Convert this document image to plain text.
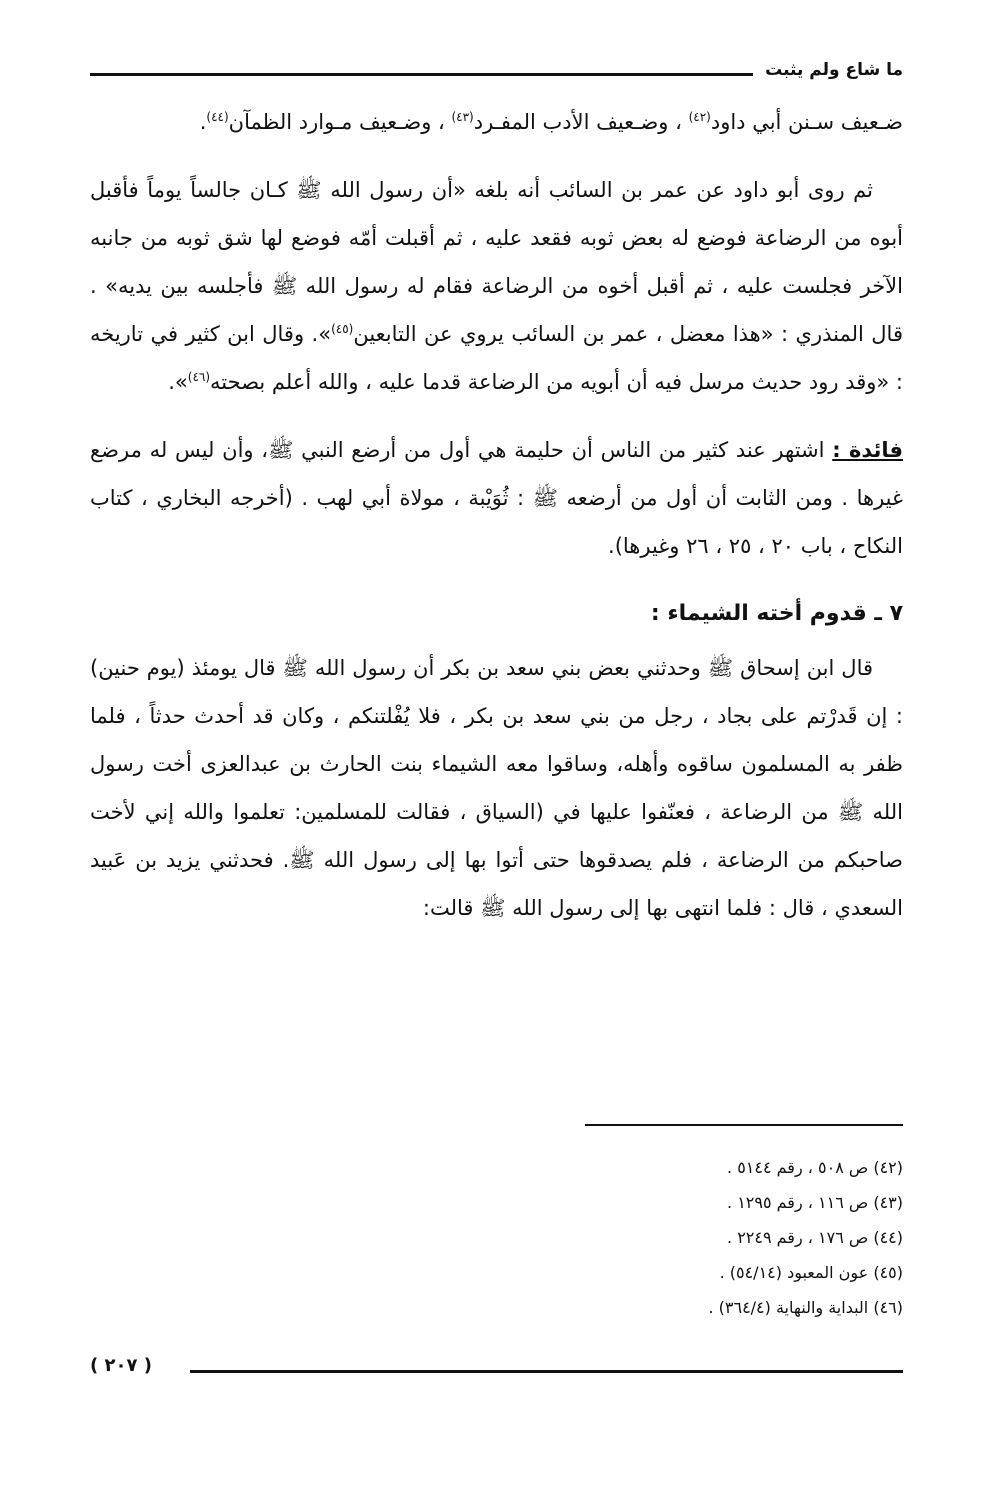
ما شاع ولم يثبت

ضـعيف سـنن أبي داود$^{(٤٢)}$ ، وضـعيف الأدب المفـرد$^{(٤٣)}$ ، وضـعيف مـوارد الظمآن$^{(٤٤)}$.

ثم روى أبو داود عن عمر بن السائب أنه بلغه «أن رسول الله ﷺ كـان جالساً يوماً فأقبل أبوه من الرضاعة فوضع له بعض ثوبه فقعد عليه ، ثم أقبلت أمّه فوضع لها شق ثوبه من جانبه الآخر فجلست عليه ، ثم أقبل أخوه من الرضاعة فقام له رسول الله ﷺ فأجلسه بين يديه» . قال المنذري : «هذا معضل ، عمر بن السائب يروي عن التابعين$^{(٤٥)}$». وقال ابن كثير في تاريخه : «وقد رود حديث مرسل فيه أن أبويه من الرضاعة قدما عليه ، والله أعلم بصحته$^{(٤٦)}$».

فائدة : اشتهر عند كثير من الناس أن حليمة هي أول من أرضع النبي ﷺ، وأن ليس له مرضع غيرها . ومن الثابت أن أول من أرضعه ﷺ : ثُوَيْبة ، مولاة أبي لهب . (أخرجه البخاري ، كتاب النكاح ، باب ٢٠ ، ٢٥ ، ٢٦ وغيرها).

٧ ـ قدوم أخته الشيماء :

قال ابن إسحاق ﷺ وحدثني بعض بني سعد بن بكر أن رسول الله ﷺ قال يومئذ (يوم حنين) : إن قَدرْتم على بجاد ، رجل من بني سعد بن بكر ، فلا يُفْلتنكم ، وكان قد أحدث حدثاً ، فلما ظفر به المسلمون ساقوه وأهله، وساقوا معه الشيماء بنت الحارث بن عبدالعزى أخت رسول الله ﷺ من الرضاعة ، فعنّفوا عليها في (السياق ، فقالت للمسلمين: تعلموا والله إني لأخت صاحبكم من الرضاعة ، فلم يصدقوها حتى أتوا بها إلى رسول الله ﷺ. فحدثني يزيد بن عَبيد السعدي ، قال : فلما انتهى بها إلى رسول الله ﷺ قالت:

(٤٢) ص ٥٠٨ ، رقم ٥١٤٤ .

(٤٣) ص ١١٦ ، رقم ١٢٩٥ .

(٤٤) ص ١٧٦ ، رقم ٢٢٤٩ .

(٤٥) عون المعبود (٥٤/١٤) .

(٤٦) البداية والنهاية (٣٦٤/٤) .

( ٢٠٧ )
